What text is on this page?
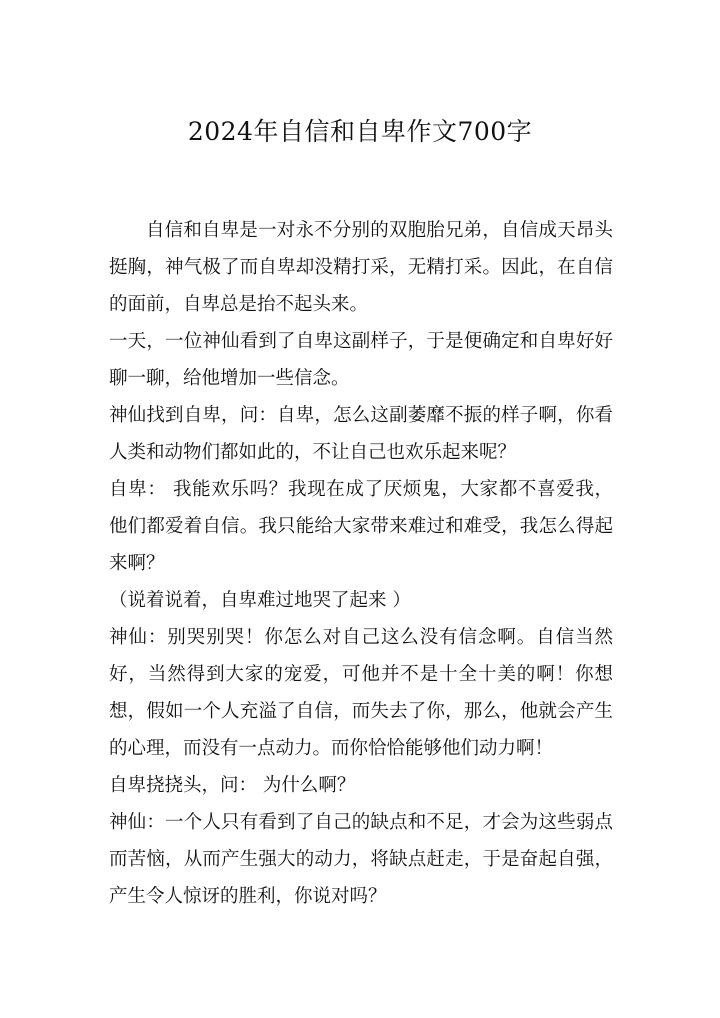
2024年自信和自卑作文700字

自信和自卑是一对永不分别的双胞胎兄弟，自信成天昂头挺胸，神气极了而自卑却没精打采，无精打采。因此，在自信的面前，自卑总是抬不起头来。

一天，一位神仙看到了自卑这副样子，于是便确定和自卑好好聊一聊，给他增加一些信念。

神仙找到自卑，问：自卑，怎么这副萎靡不振的样子啊，你看人类和动物们都如此的，不让自己也欢乐起来呢？

自卑： 我能欢乐吗？我现在成了厌烦鬼，大家都不喜爱我，他们都爱着自信。我只能给大家带来难过和难受，我怎么得起来啊？

（说着说着，自卑难过地哭了起来 ）

神仙：别哭别哭！你怎么对自己这么没有信念啊。自信当然好，当然得到大家的宠爱，可他并不是十全十美的啊！你想想，假如一个人充溢了自信，而失去了你，那么，他就会产生的心理，而没有一点动力。而你恰恰能够他们动力啊！

自卑挠挠头，问： 为什么啊？

神仙：一个人只有看到了自己的缺点和不足，才会为这些弱点而苦恼，从而产生强大的动力，将缺点赶走，于是奋起自强，产生令人惊讶的胜利，你说对吗？
